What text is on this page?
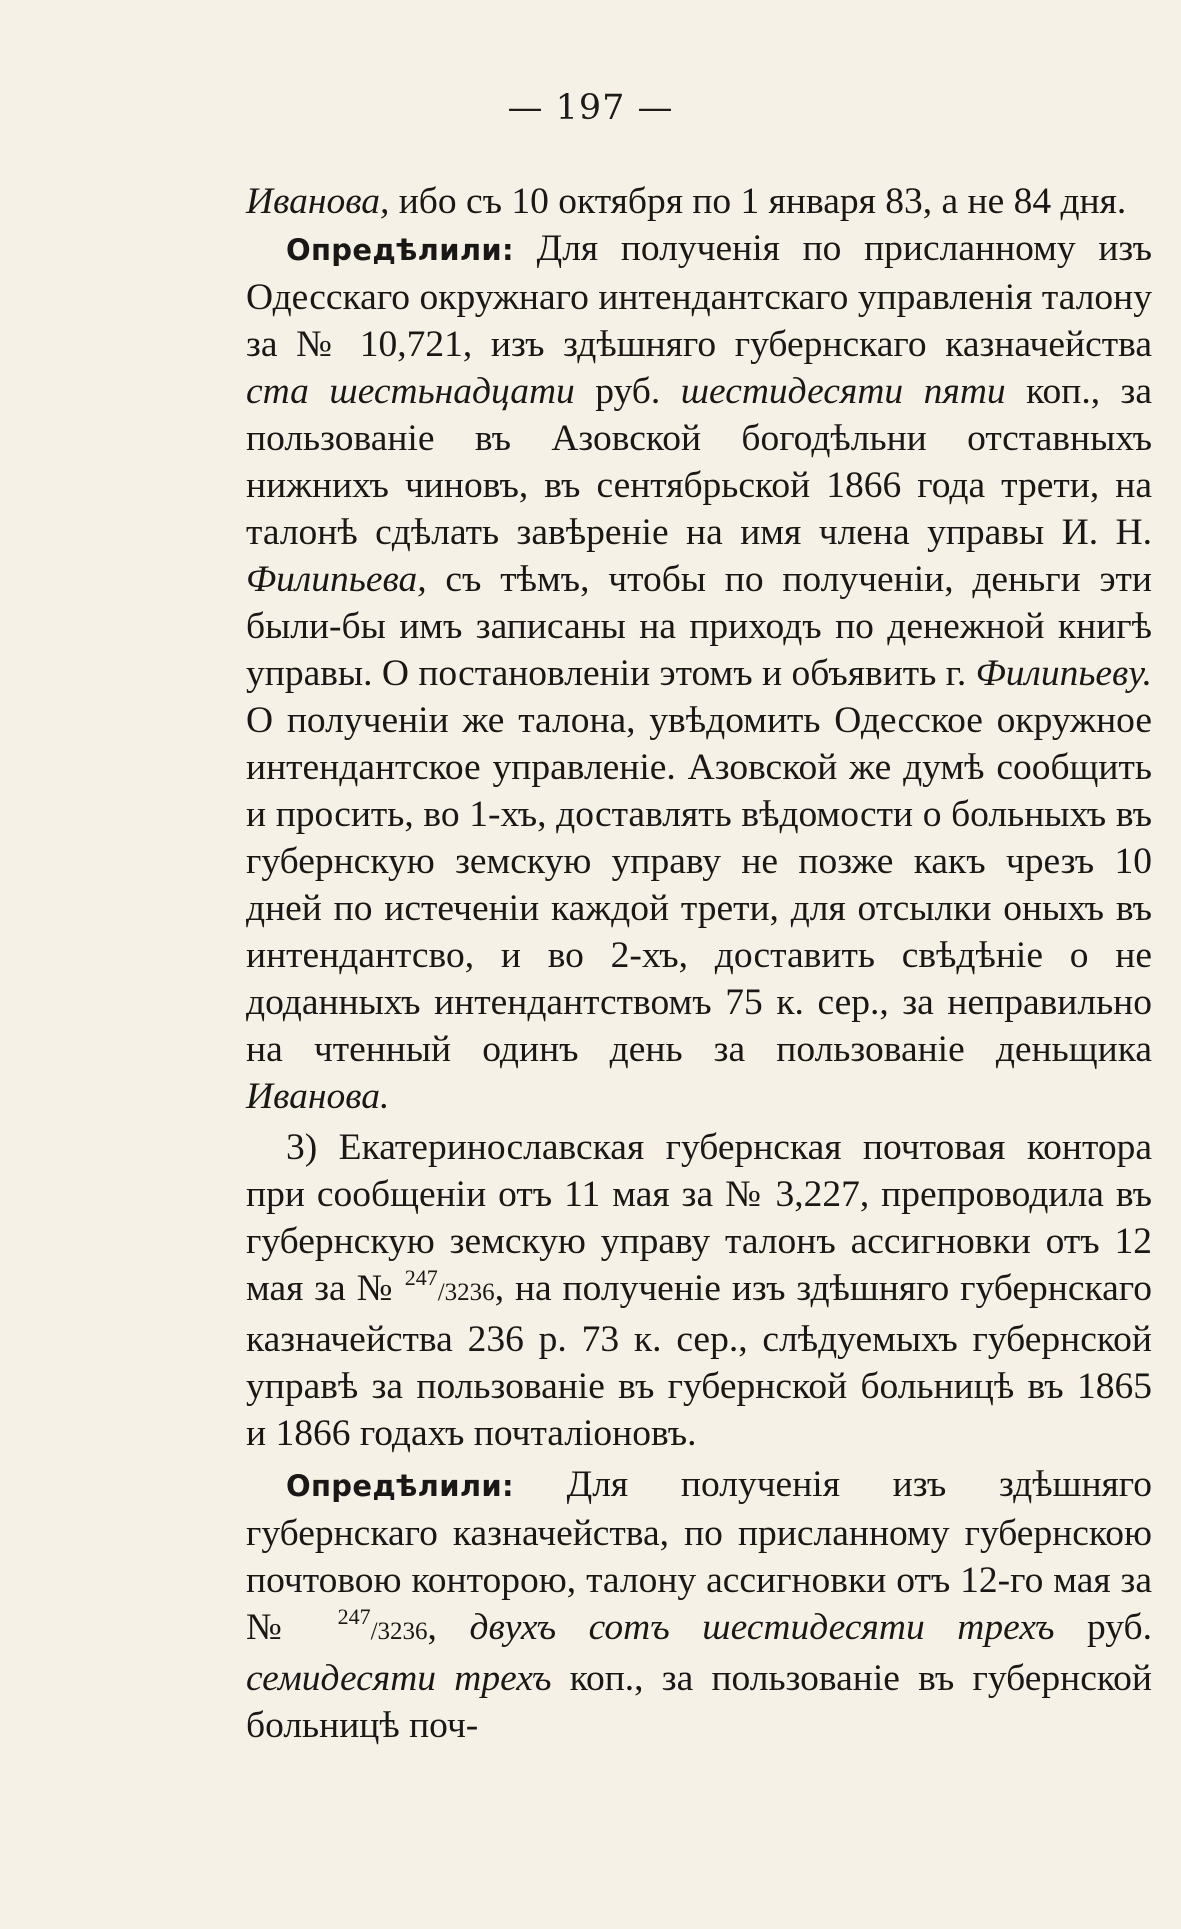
— 197 —

Иванова, ибо съ 10 октября по 1 января 83, а не 84 дня.

Опредѣлили: Для полученія по присланному изъ Одесскаго окружнаго интендантскаго управленія талону за № 10,721, изъ здѣшняго губернскаго казначейства ста шестьнадцати руб. шестидесяти пяти коп., за пользованіе въ Азовской богодѣльни отставныхъ нижнихъ чиновъ, въ сентябрьской 1866 года трети, на талонѣ сдѣлать завѣреніе на имя члена управы И. Н. Филипьева, съ тѣмъ, чтобы по полученіи, деньги эти были-бы имъ записаны на приходъ по денежной книгѣ управы. О постановленіи этомъ и объявить г. Филипьеву. О полученіи же талона, увѣдомить Одесское окружное интендантское управленіе. Азовской же думѣ сообщить и просить, во 1-хъ, доставлять вѣдомости о больныхъ въ губернскую земскую управу не позже какъ чрезъ 10 дней по истеченіи каждой трети, для отсылки оныхъ въ интендантсво, и во 2-хъ, доставить свѣдѣніе о не доданныхъ интендантствомъ 75 к. сер., за неправильно на чтенный одинъ день за пользованіе деньщика Иванова.

3) Екатеринославская губернская почтовая контора при сообщеніи отъ 11 мая за № 3,227, препроводила въ губернскую земскую управу талонъ ассигновки отъ 12 мая за № $^{247}$/3236, на полученіе изъ здѣшняго губернскаго казначейства 236 р. 73 к. сер., слѣдуемыхъ губернской управѣ за пользованіе въ губернской больницѣ въ 1865 и 1866 годахъ почталіоновъ.

Опредѣлили: Для полученія изъ здѣшняго губернскаго казначейства, по присланному губернскою почтовою конторою, талону ассигновки отъ 12-го мая за № $^{247}$/3236, двухъ сотъ шестидесяти трехъ руб. семидесяти трехъ коп., за пользованіе въ губернской больницѣ поч-
